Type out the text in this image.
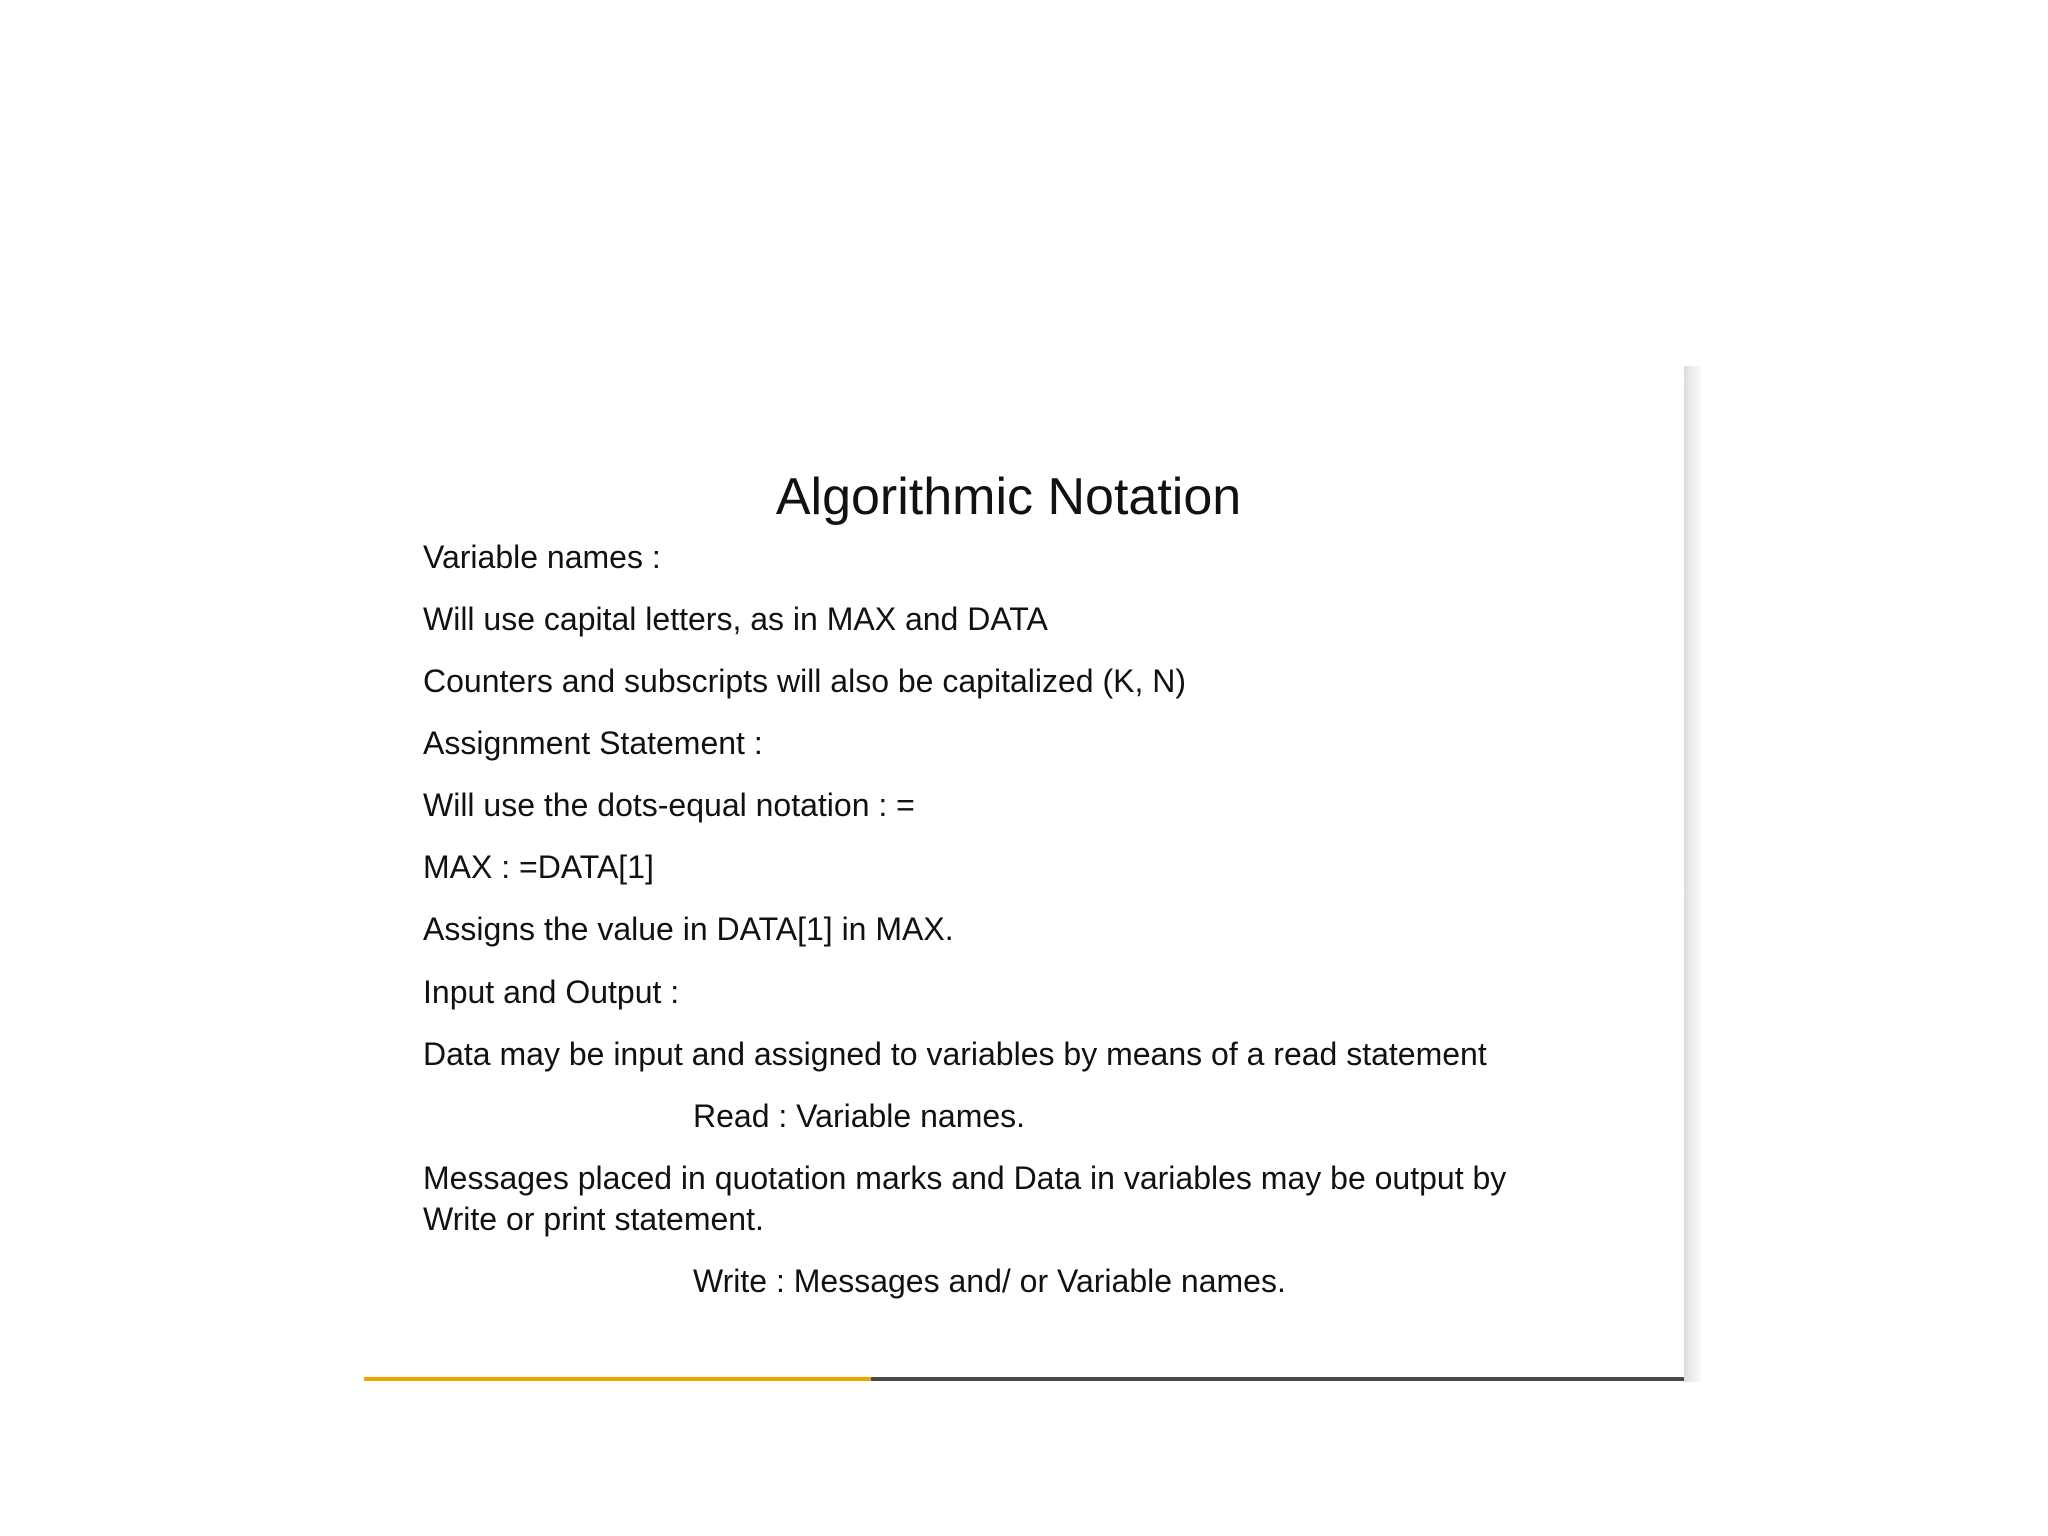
Algorithmic Notation

Variable names :

Will use capital letters, as in MAX and DATA

Counters and subscripts will also be capitalized (K, N)

Assignment Statement :

Will use the dots-equal notation : =

MAX : =DATA[1]

Assigns the value in DATA[1] in MAX.

Input and Output :

Data may be input and assigned to variables by means of a read statement

Read : Variable names.

Messages placed in quotation marks and Data in variables may be output by

Write or print statement.

Write : Messages and/ or Variable names.
